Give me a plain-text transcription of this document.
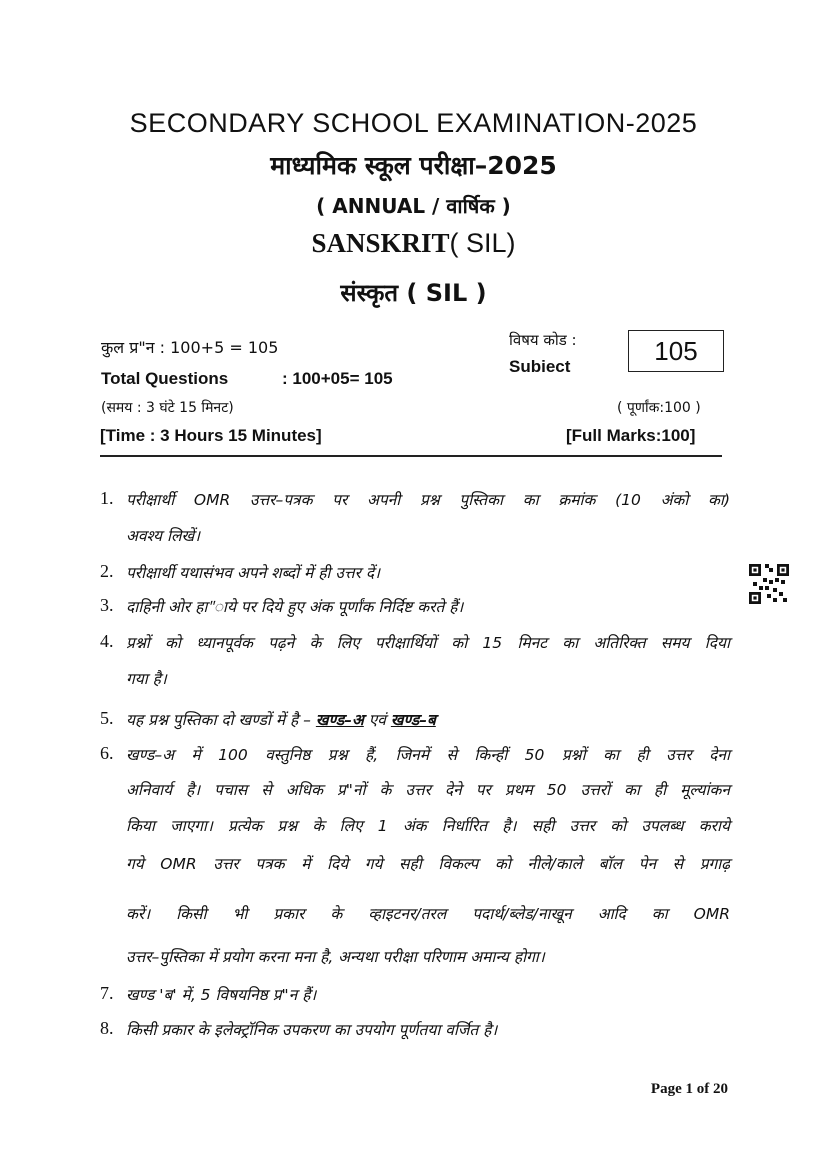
SECONDARY SCHOOL EXAMINATION-2025
माध्यमिक स्कूल परीक्षा–2025
( ANNUAL / वार्षिक )
SANSKRIT( SIL)
संस्कृत ( SIL )
कुल प्र"न : 100+5 = 105
Total Questions	: 100+05= 105
(समय : 3 घंटे 15 मिनट)
[Time : 3 Hours 15 Minutes]
विषय कोड :
Subiect
105
( पूर्णांक:100 )
[Full Marks:100]
1. परीक्षार्थी OMR उत्तर–पत्रक पर अपनी प्रश्न पुस्तिका का क्रमांक (10 अंको का)
अवश्य लिखें।
2. परीक्षार्थी यथासंभव अपने शब्दों में ही उत्तर दें।
3. दाहिनी ओर हा"ाये पर दिये हुए अंक पूर्णांक निर्दिष्ट करते हैं।
4. प्रश्नों को ध्यानपूर्वक पढ़ने के लिए परीक्षार्थियों को 15 मिनट का अतिरिक्त समय दिया
गया है।
5. यह प्रश्न पुस्तिका दो खण्डों में है – खण्ड–अ एवं खण्ड–ब
6. खण्ड–अ में 100 वस्तुनिष्ठ प्रश्न हैं, जिनमें से किन्हीं 50 प्रश्नों का ही उत्तर देना
अनिवार्य है। पचास से अधिक प्र"नों के उत्तर देने पर प्रथम 50 उत्तरों का ही मूल्यांकन
किया जाएगा। प्रत्येक प्रश्न के लिए 1 अंक निर्धारित है। सही उत्तर को उपलब्ध कराये
गये OMR उत्तर पत्रक में दिये गये सही विकल्प को नीले/काले बॉल पेन से प्रगाढ़
करें। किसी भी प्रकार के व्हाइटनर/तरल पदार्थ/ब्लेड/नाखून आदि का OMR
उत्तर–पुस्तिका में प्रयोग करना मना है, अन्यथा परीक्षा परिणाम अमान्य होगा।
7. खण्ड 'ब' में, 5 विषयनिष्ठ प्र"न हैं।
8. किसी प्रकार के इलेक्ट्रॉनिक उपकरण का उपयोग पूर्णतया वर्जित है।
Page 1 of 20
